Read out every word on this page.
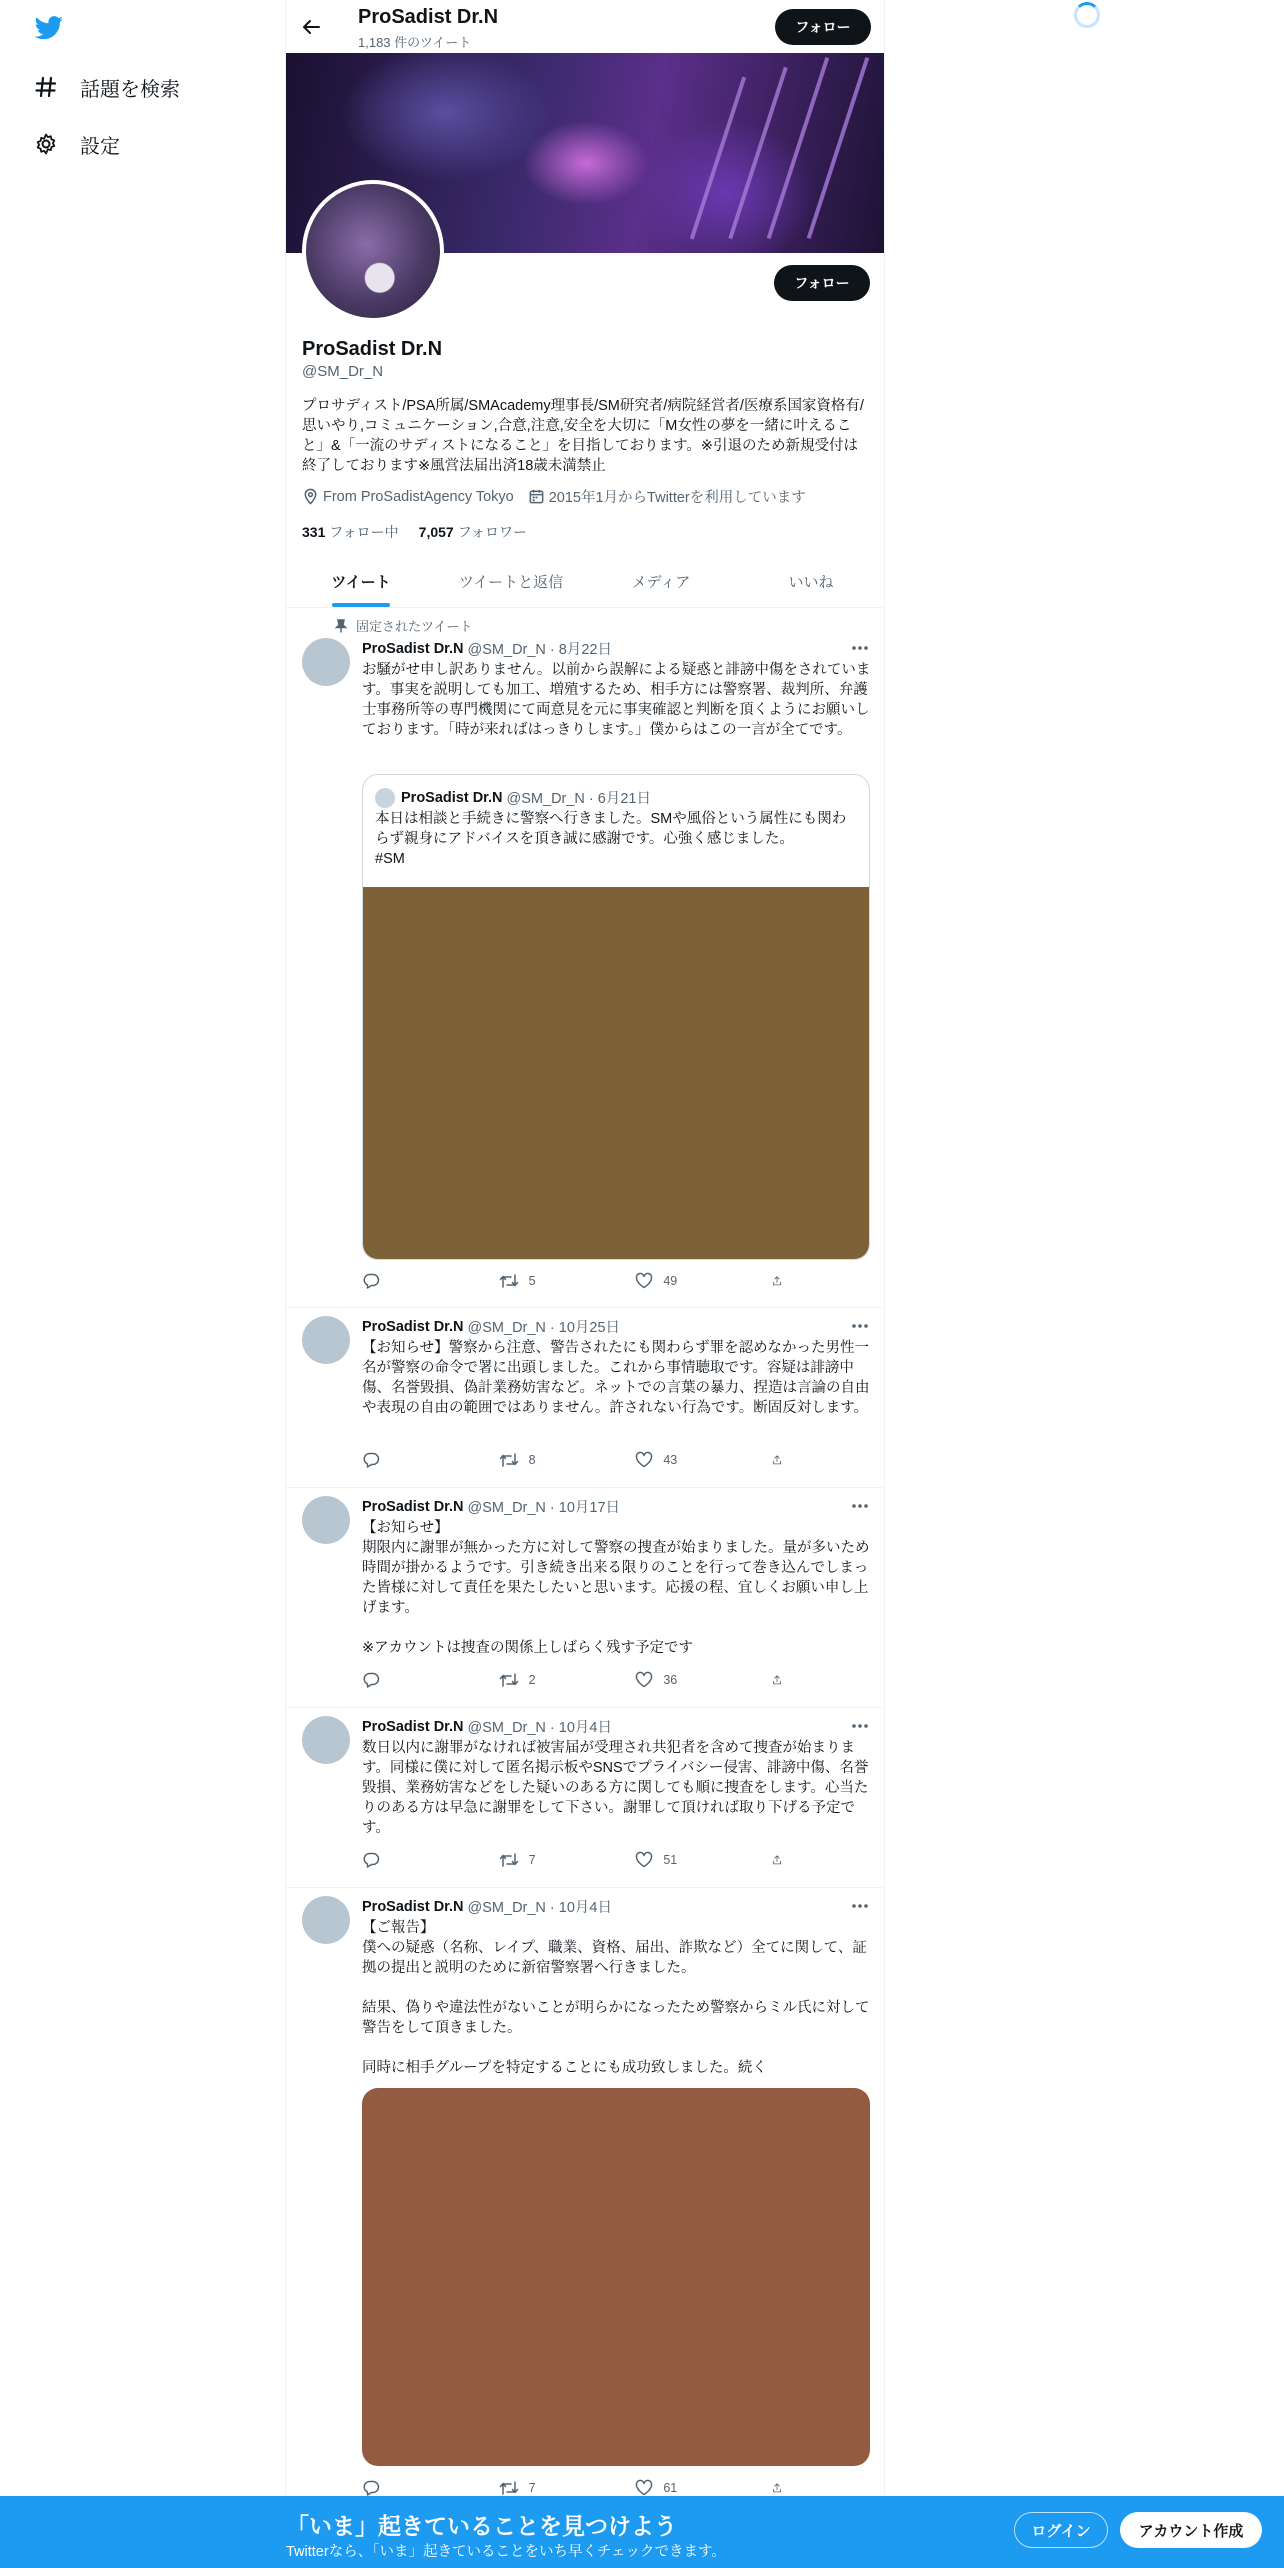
話題を検索
設定
ProSadist Dr.N
1,183 件のツイート
フォロー
フォロー
ProSadist Dr.N
@SM_Dr_N
プロサディスト/PSA所属/SMAcademy理事長/SM研究者/病院経営者/医療系国家資格有/思いやり,コミュニケーション,合意,注意,安全を大切に「M女性の夢を一緒に叶えること」&「一流のサディストになること」を目指しております。※引退のため新規受付は終了しております※風営法届出済18歳未満禁止
From ProSadistAgency Tokyo 2015年1月からTwitterを利用しています
331 フォロー中 7,057 フォロワー
ツイート	ツイートと返信	メディア	いいね
固定されたツイート
ProSadist Dr.N @SM_Dr_N · 8月22日
お騒がせ申し訳ありません。以前から誤解による疑惑と誹謗中傷をされています。事実を説明しても加工、増殖するため、相手方には警察署、裁判所、弁護士事務所等の専門機関にて両意見を元に事実確認と判断を頂くようにお願いしております。「時が来ればはっきりします。」僕からはこの一言が全てです。
ProSadist Dr.N @SM_Dr_N · 6月21日
本日は相談と手続きに警察へ行きました。SMや風俗という属性にも関わらず親身にアドバイスを頂き誠に感謝です。心強く感じました。
#SM
5	49
ProSadist Dr.N @SM_Dr_N · 10月25日
【お知らせ】警察から注意、警告されたにも関わらず罪を認めなかった男性一名が警察の命令で署に出頭しました。これから事情聴取です。容疑は誹謗中傷、名誉毀損、偽計業務妨害など。ネットでの言葉の暴力、捏造は言論の自由や表現の自由の範囲ではありません。許されない行為です。断固反対します。
8	43
ProSadist Dr.N @SM_Dr_N · 10月17日
【お知らせ】
期限内に謝罪が無かった方に対して警察の捜査が始まりました。量が多いため時間が掛かるようです。引き続き出来る限りのことを行って巻き込んでしまった皆様に対して責任を果たしたいと思います。応援の程、宜しくお願い申し上げます。

※アカウントは捜査の関係上しばらく残す予定です
2	36
ProSadist Dr.N @SM_Dr_N · 10月4日
数日以内に謝罪がなければ被害届が受理され共犯者を含めて捜査が始まります。同様に僕に対して匿名掲示板やSNSでプライバシー侵害、誹謗中傷、名誉毀損、業務妨害などをした疑いのある方に関しても順に捜査をします。心当たりのある方は早急に謝罪をして下さい。謝罪して頂ければ取り下げる予定です。
7	51
ProSadist Dr.N @SM_Dr_N · 10月4日
【ご報告】
僕への疑惑（名称、レイプ、職業、資格、届出、詐欺など）全てに関して、証拠の提出と説明のために新宿警察署へ行きました。

結果、偽りや違法性がないことが明らかになったため警察からミル氏に対して警告をして頂きました。

同時に相手グループを特定することにも成功致しました。続く
7	61
「いま」起きていることを見つけよう
Twitterなら、「いま」起きていることをいち早くチェックできます。
ログイン	アカウント作成
